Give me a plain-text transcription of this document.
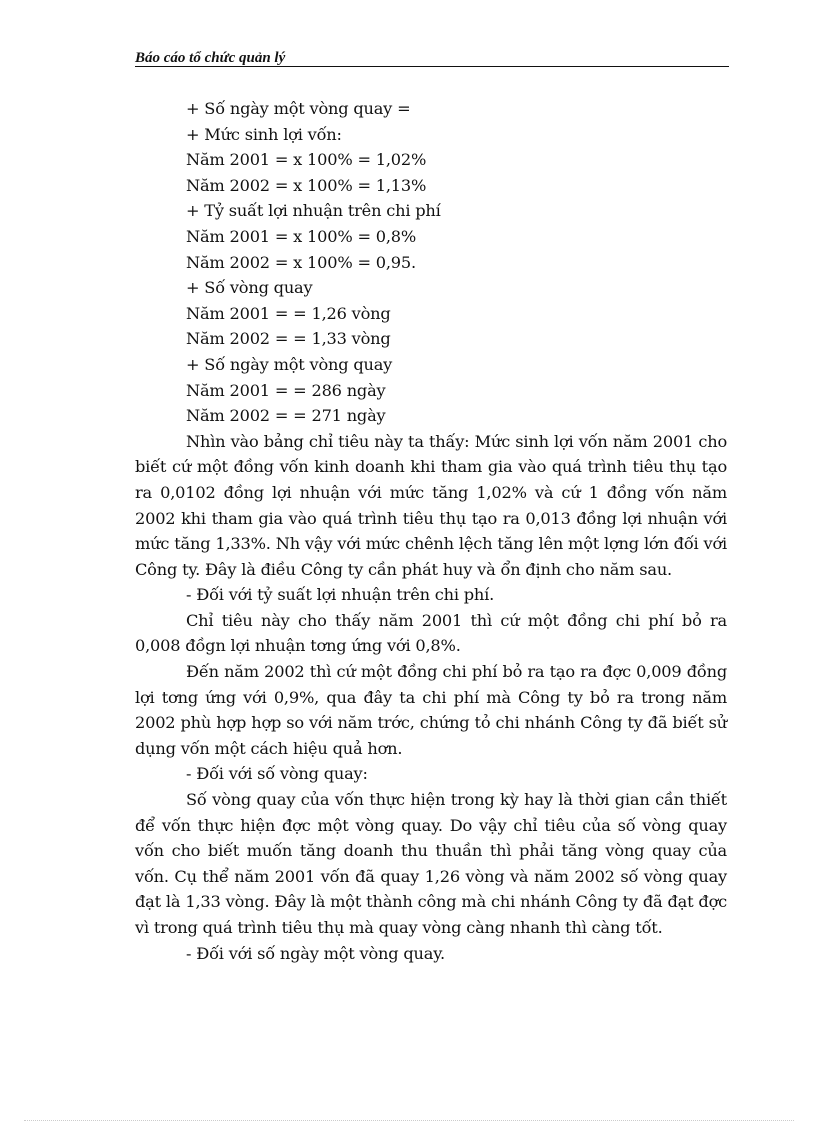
Báo cáo tổ chức quản lý
+ Số ngày một vòng quay =
+ Mức sinh lợi vốn:
Năm 2001 = x 100% = 1,02%
Năm 2002 = x 100% = 1,13%
+ Tỷ suất lợi nhuận trên chi phí
Năm 2001 = x 100% = 0,8%
Năm 2002 = x 100% = 0,95.
+ Số vòng quay
Năm 2001 = = 1,26 vòng
Năm 2002 = = 1,33 vòng
+ Số ngày một vòng quay
Năm 2001 = = 286 ngày
Năm 2002 = = 271 ngày

Nhìn vào bảng chỉ tiêu này ta thấy: Mức sinh lợi vốn năm 2001 cho biết cứ một đồng vốn kinh doanh khi tham gia vào quá trình tiêu thụ tạo ra 0,0102 đồng lợi nhuận với mức tăng 1,02% và cứ 1 đồng vốn năm 2002 khi tham gia vào quá trình tiêu thụ tạo ra 0,013 đồng lợi nhuận với mức tăng 1,33%. Nh vậy với mức chênh lệch tăng lên một lợng lớn đối với Công ty. Đây là điều Công ty cần phát huy và ổn định cho năm sau.

- Đối với tỷ suất lợi nhuận trên chi phí.

Chỉ tiêu này cho thấy năm 2001 thì cứ một đồng chi phí bỏ ra 0,008 đồgn lợi nhuận tơng ứng với 0,8%.

Đến năm 2002 thì cứ một đồng chi phí bỏ ra tạo ra đợc 0,009 đồng lợi tơng ứng với 0,9%, qua đây ta chi phí mà Công ty bỏ ra trong năm 2002 phù hợp hợp so với năm trớc, chứng tỏ chi nhánh Công ty đã biết sử dụng vốn một cách hiệu quả hơn.

- Đối với số vòng quay:

Số vòng quay của vốn thực hiện trong kỳ hay là thời gian cần thiết để vốn thực hiện đợc một vòng quay. Do vậy chỉ tiêu của số vòng quay vốn cho biết muốn tăng doanh thu thuần thì phải tăng vòng quay của vốn. Cụ thể năm 2001 vốn đã quay 1,26 vòng và năm 2002 số vòng quay đạt là 1,33 vòng. Đây là một thành công mà chi nhánh Công ty đã đạt đợc vì trong quá trình tiêu thụ mà quay vòng càng nhanh thì càng tốt.

- Đối với số ngày một vòng quay.
